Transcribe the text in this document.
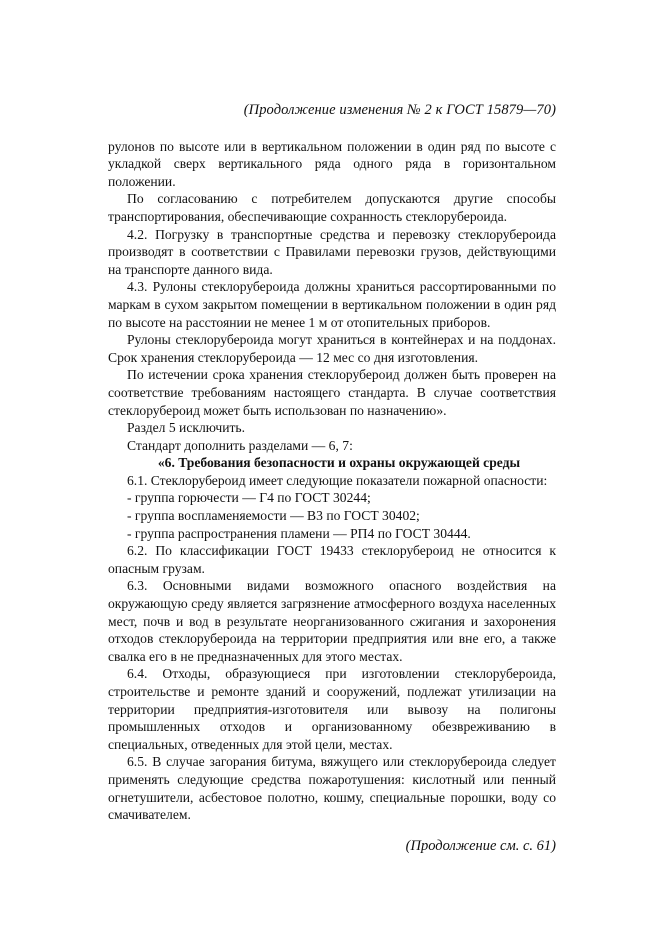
(Продолжение изменения № 2 к ГОСТ 15879—70)

рулонов по высоте или в вертикальном положении в один ряд по высоте с укладкой сверх вертикального ряда одного ряда в горизонтальном положении.

По согласованию с потребителем допускаются другие способы транспортирования, обеспечивающие сохранность стеклорубероида.

4.2. Погрузку в транспортные средства и перевозку стеклорубероида производят в соответствии с Правилами перевозки грузов, действующими на транспорте данного вида.

4.3. Рулоны стеклорубероида должны храниться рассортированными по маркам в сухом закрытом помещении в вертикальном положении в один ряд по высоте на расстоянии не менее 1 м от отопительных приборов.

Рулоны стеклорубероида могут храниться в контейнерах и на поддонах. Срок хранения стеклорубероида — 12 мес со дня изготовления.

По истечении срока хранения стеклорубероид должен быть проверен на соответствие требованиям настоящего стандарта. В случае соответствия стеклорубероид может быть использован по назначению».

Раздел 5 исключить.

Стандарт дополнить разделами — 6, 7:

«6. Требования безопасности и охраны окружающей среды

6.1. Стеклорубероид имеет следующие показатели пожарной опасности:

- группа горючести — Г4 по ГОСТ 30244;

- группа воспламеняемости — В3 по ГОСТ 30402;

- группа распространения пламени — РП4 по ГОСТ 30444.

6.2. По классификации ГОСТ 19433 стеклорубероид не относится к опасным грузам.

6.3. Основными видами возможного опасного воздействия на окружающую среду является загрязнение атмосферного воздуха населенных мест, почв и вод в результате неорганизованного сжигания и захоронения отходов стеклорубероида на территории предприятия или вне его, а также свалка его в не предназначенных для этого местах.

6.4. Отходы, образующиеся при изготовлении стеклорубероида, строительстве и ремонте зданий и сооружений, подлежат утилизации на территории предприятия-изготовителя или вывозу на полигоны промышленных отходов и организованному обезвреживанию в специальных, отведенных для этой цели, местах.

6.5. В случае загорания битума, вяжущего или стеклорубероида следует применять следующие средства пожаротушения: кислотный или пенный огнетушители, асбестовое полотно, кошму, специальные порошки, воду со смачивателем.

(Продолжение см. с. 61)
